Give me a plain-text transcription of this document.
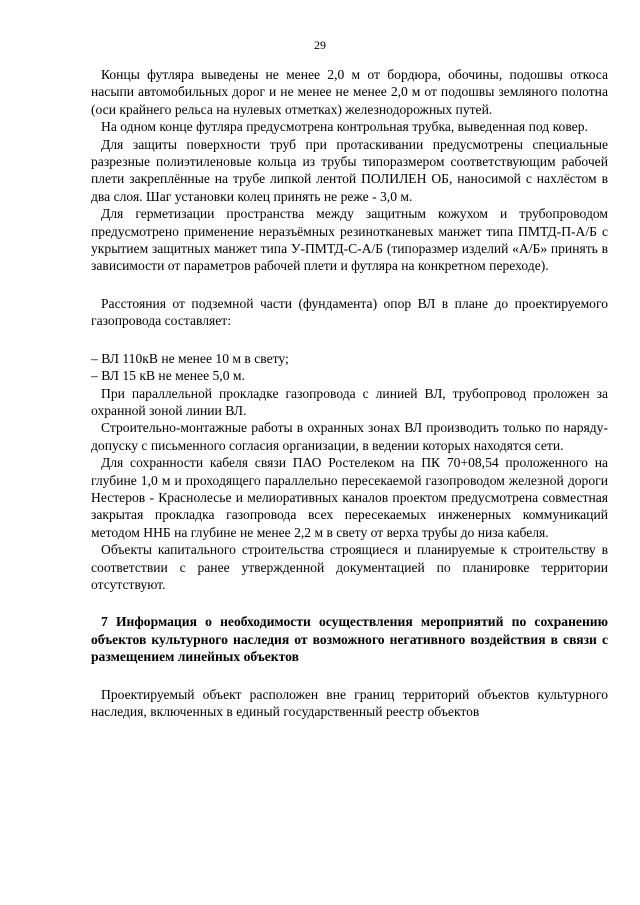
29

Концы футляра выведены не менее 2,0 м от бордюра, обочины, подошвы откоса насыпи автомобильных дорог и не менее не менее 2,0 м от подошвы земляного полотна (оси крайнего рельса на нулевых отметках) железнодорожных путей.

На одном конце футляра предусмотрена контрольная трубка, выведенная под ковер.

Для защиты поверхности труб при протаскивании предусмотрены специальные разрезные полиэтиленовые кольца из трубы типоразмером соответствующим рабочей плети закреплённые на трубе липкой лентой ПОЛИЛЕН ОБ, наносимой с нахлёстом в два слоя. Шаг установки колец принять не реже - 3,0 м.

Для герметизации пространства между защитным кожухом и трубопроводом предусмотрено применение неразъёмных резинотканевых манжет типа ПМТД-П-А/Б с укрытием защитных манжет типа У-ПМТД-С-А/Б (типоразмер изделий «А/Б» принять в зависимости от параметров рабочей плети и футляра на конкретном переходе).

Расстояния от подземной части (фундамента) опор ВЛ в плане до проектируемого газопровода составляет:

– ВЛ 110кВ не менее 10 м в свету;

– ВЛ 15 кВ не менее 5,0 м.

При параллельной прокладке газопровода с линией ВЛ, трубопровод проложен за охранной зоной линии ВЛ.

Строительно-монтажные работы в охранных зонах ВЛ производить только по наряду-допуску с письменного согласия организации, в ведении которых находятся сети.

Для сохранности кабеля связи ПАО Ростелеком на ПК 70+08,54 проложенного на глубине 1,0 м и проходящего параллельно пересекаемой газопроводом железной дороги Нестеров - Краснолесье и мелиоративных каналов проектом предусмотрена совместная закрытая прокладка газопровода всех пересекаемых инженерных коммуникаций методом ННБ на глубине не менее 2,2 м в свету от верха трубы до низа кабеля.

Объекты капитального строительства строящиеся и планируемые к строительству в соответствии с ранее утвержденной документацией по планировке территории отсутствуют.

7 Информация о необходимости осуществления мероприятий по сохранению объектов культурного наследия от возможного негативного воздействия в связи с размещением линейных объектов

Проектируемый объект расположен вне границ территорий объектов культурного наследия, включенных в единый государственный реестр объектов
